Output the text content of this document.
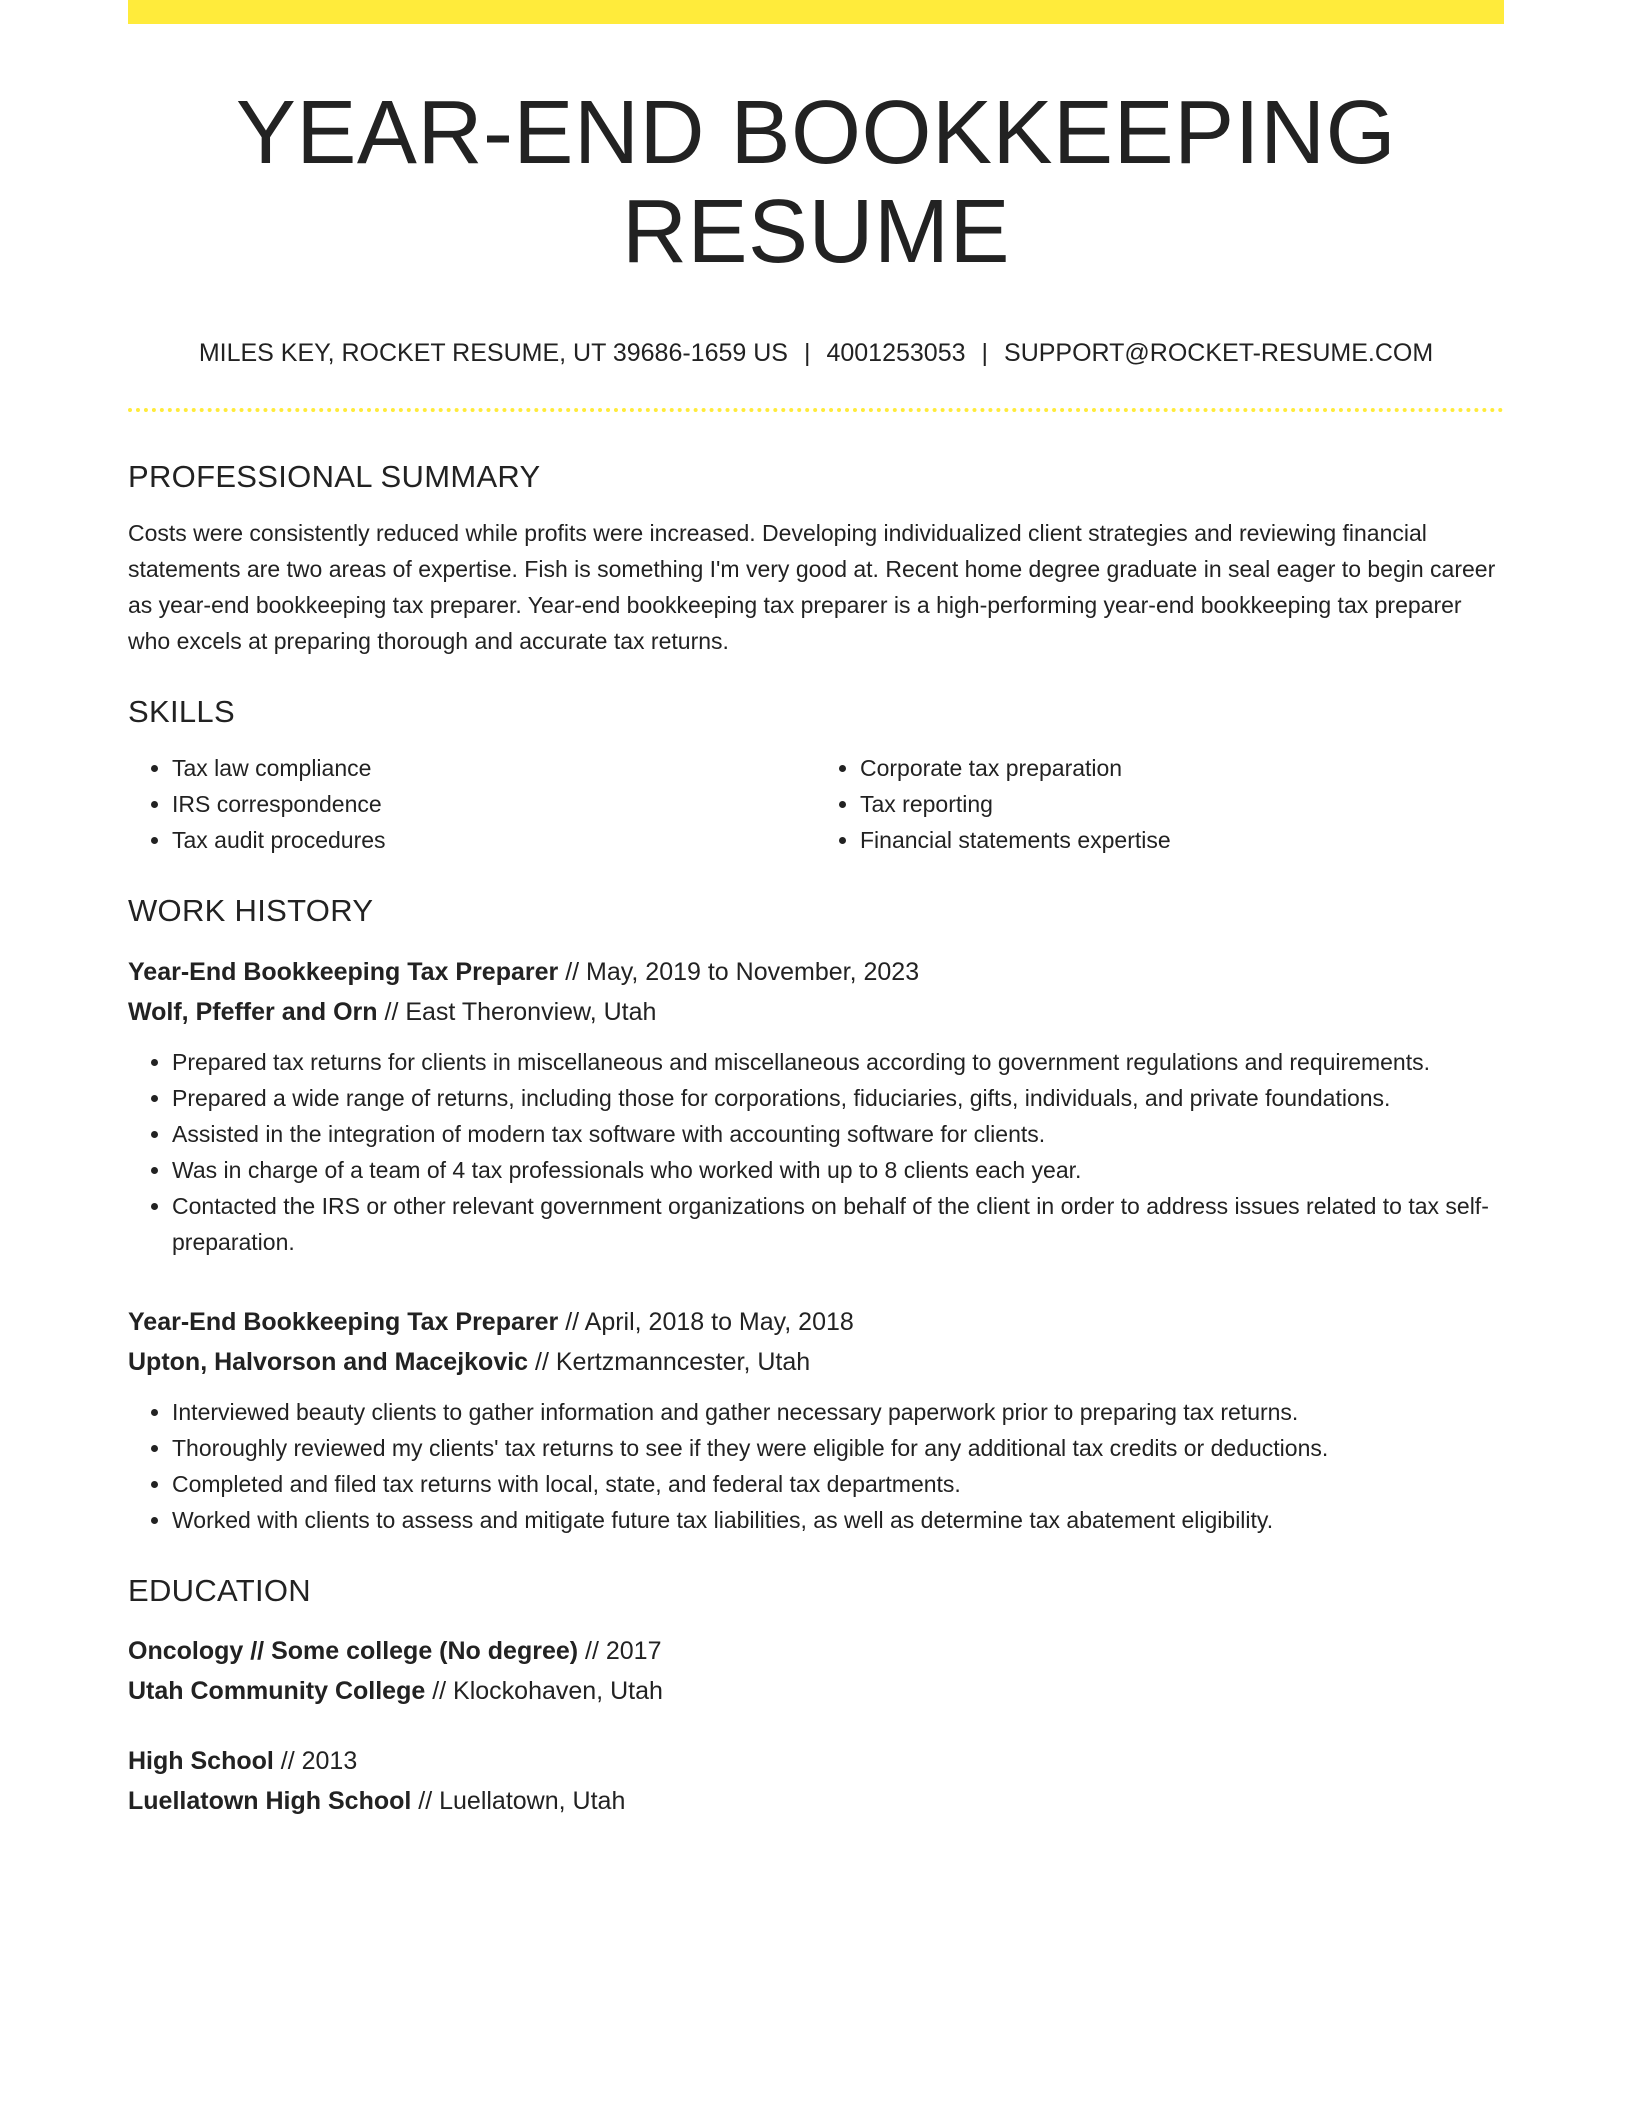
YEAR-END BOOKKEEPING RESUME
MILES KEY, ROCKET RESUME, UT 39686-1659 US | 4001253053 | SUPPORT@ROCKET-RESUME.COM
PROFESSIONAL SUMMARY

Costs were consistently reduced while profits were increased. Developing individualized client strategies and reviewing financial statements are two areas of expertise. Fish is something I'm very good at. Recent home degree graduate in seal eager to begin career as year-end bookkeeping tax preparer. Year-end bookkeeping tax preparer is a high-performing year-end bookkeeping tax preparer who excels at preparing thorough and accurate tax returns.

SKILLS
• Tax law compliance
• IRS correspondence
• Tax audit procedures
• Corporate tax preparation
• Tax reporting
• Financial statements expertise
WORK HISTORY
Year-End Bookkeeping Tax Preparer // May, 2019 to November, 2023
Wolf, Pfeffer and Orn // East Theronview, Utah
• Prepared tax returns for clients in miscellaneous and miscellaneous according to government regulations and requirements.
• Prepared a wide range of returns, including those for corporations, fiduciaries, gifts, individuals, and private foundations.
• Assisted in the integration of modern tax software with accounting software for clients.
• Was in charge of a team of 4 tax professionals who worked with up to 8 clients each year.
• Contacted the IRS or other relevant government organizations on behalf of the client in order to address issues related to tax self-preparation.
Year-End Bookkeeping Tax Preparer // April, 2018 to May, 2018
Upton, Halvorson and Macejkovic // Kertzmanncester, Utah
• Interviewed beauty clients to gather information and gather necessary paperwork prior to preparing tax returns.
• Thoroughly reviewed my clients' tax returns to see if they were eligible for any additional tax credits or deductions.
• Completed and filed tax returns with local, state, and federal tax departments.
• Worked with clients to assess and mitigate future tax liabilities, as well as determine tax abatement eligibility.
EDUCATION
Oncology // Some college (No degree) // 2017
Utah Community College // Klockohaven, Utah
High School // 2013
Luellatown High School // Luellatown, Utah
